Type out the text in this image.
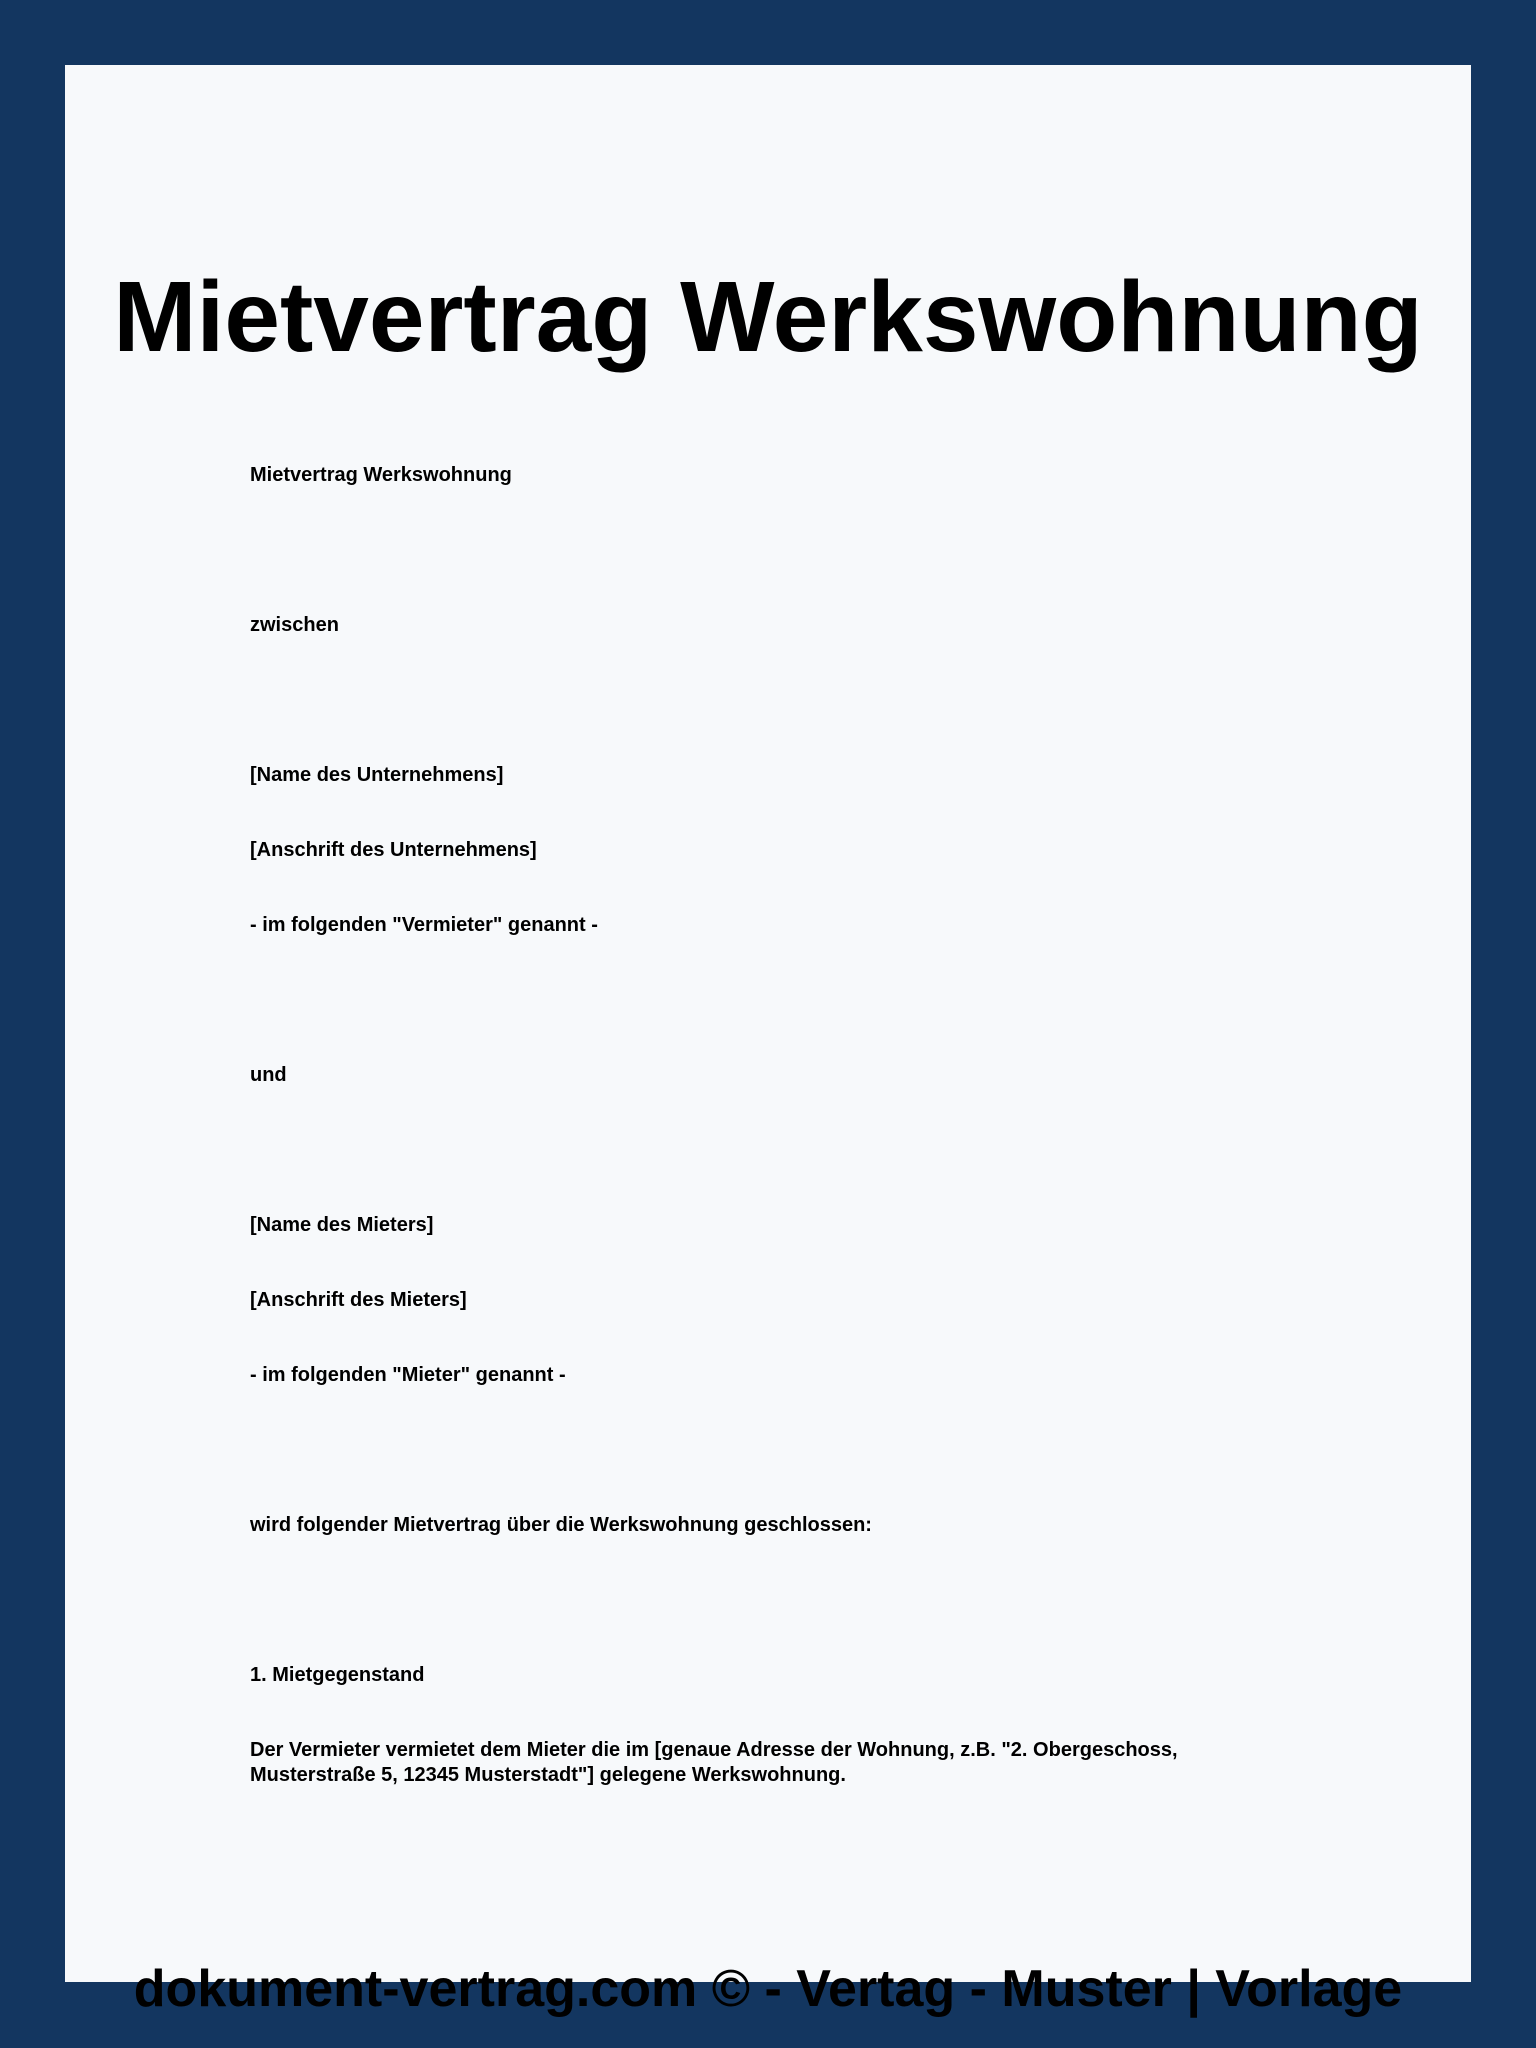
Mietvertrag Werkswohnung

Mietvertrag Werkswohnung

zwischen

[Name des Unternehmens]

[Anschrift des Unternehmens]

- im folgenden "Vermieter" genannt -

und

[Name des Mieters]

[Anschrift des Mieters]

- im folgenden "Mieter" genannt -

wird folgender Mietvertrag über die Werkswohnung geschlossen:

1. Mietgegenstand

Der Vermieter vermietet dem Mieter die im [genaue Adresse der Wohnung, z.B. "2. Obergeschoss, Musterstraße 5, 12345 Musterstadt"] gelegene Werkswohnung.

dokument-vertrag.com © - Vertag - Muster | Vorlage
